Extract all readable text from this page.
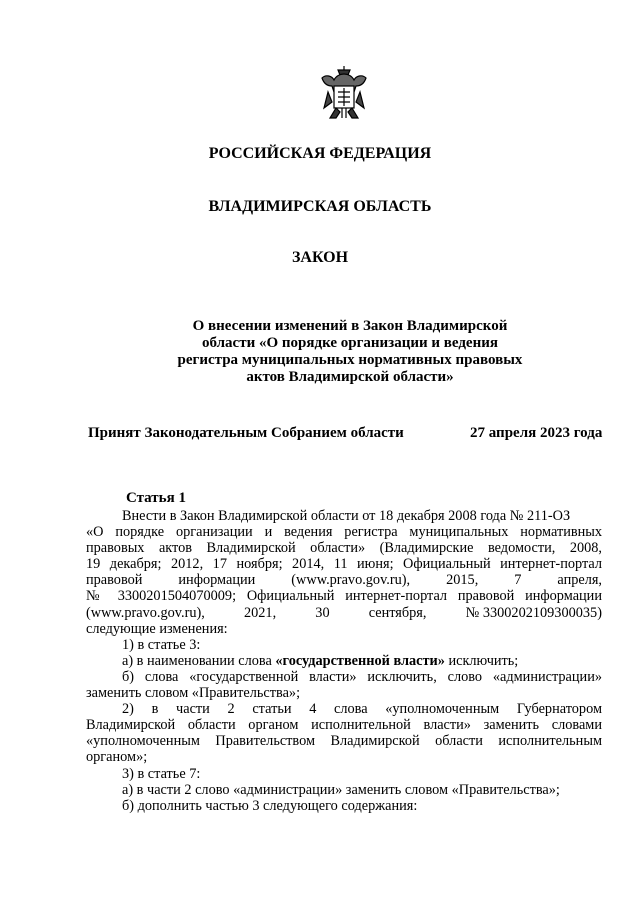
РОССИЙСКАЯ ФЕДЕРАЦИЯ
ВЛАДИМИРСКАЯ ОБЛАСТЬ
ЗАКОН
О внесении изменений в Закон Владимирской
области «О порядке организации и ведения
регистра муниципальных нормативных правовых
актов Владимирской области»
Принят Законодательным Собранием области	27 апреля 2023 года
Статья 1
Внести в Закон Владимирской области от 18 декабря 2008 года № 211-ОЗ
«О порядке организации и ведения регистра муниципальных нормативных
правовых актов Владимирской области» (Владимирские ведомости, 2008,
19 декабря; 2012, 17 ноября; 2014, 11 июня; Официальный интернет-портал
правовой	информации	(www.pravo.gov.ru),	2015,	7	апреля,
№ 3300201504070009; Официальный интернет-портал правовой информации
(www.pravo.gov.ru),	2021,	30	сентября,	№ 3300202109300035)
следующие изменения:
1) в статье 3:
а) в наименовании слова «государственной власти» исключить;
б) слова «государственной власти» исключить, слово «администрации»
заменить словом «Правительства»;
2) в части 2 статьи 4 слова «уполномоченным Губернатором
Владимирской области органом исполнительной власти» заменить словами
«уполномоченным Правительством Владимирской области исполнительным
органом»;
3) в статье 7:
а) в части 2 слово «администрации» заменить словом «Правительства»;
б) дополнить частью 3 следующего содержания:
